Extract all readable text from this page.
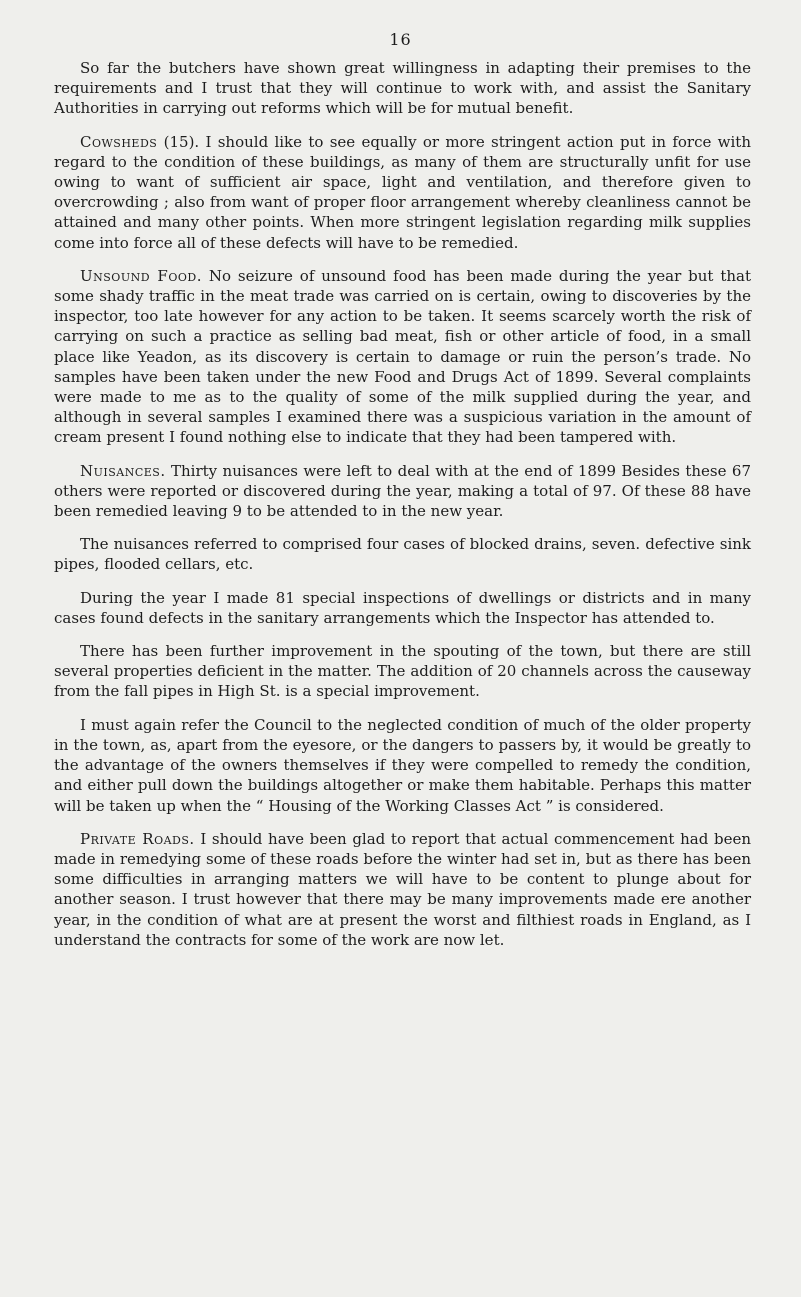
16

So far the butchers have shown great willingness in adapting their premises to the requirements and I trust that they will continue to work with, and assist the Sanitary Authorities in carrying out reforms which will be for mutual benefit.

Cowsheds (15). I should like to see equally or more stringent action put in force with regard to the condition of these buildings, as many of them are structurally unfit for use owing to want of sufficient air space, light and ventilation, and therefore given to overcrowding ; also from want of proper floor arrangement whereby cleanliness cannot be attained and many other points. When more stringent legislation regarding milk supplies come into force all of these defects will have to be remedied.

Unsound Food. No seizure of unsound food has been made during the year but that some shady traffic in the meat trade was carried on is certain, owing to discoveries by the inspector, too late however for any action to be taken. It seems scarcely worth the risk of carrying on such a practice as selling bad meat, fish or other article of food, in a small place like Yeadon, as its discovery is certain to damage or ruin the person’s trade. No samples have been taken under the new Food and Drugs Act of 1899. Several complaints were made to me as to the quality of some of the milk supplied during the year, and although in several samples I examined there was a suspicious variation in the amount of cream present I found nothing else to indicate that they had been tampered with.

Nuisances. Thirty nuisances were left to deal with at the end of 1899 Besides these 67 others were reported or discovered during the year, making a total of 97. Of these 88 have been remedied leaving 9 to be attended to in the new year.

The nuisances referred to comprised four cases of blocked drains, seven. defective sink pipes, flooded cellars, etc.

During the year I made 81 special inspections of dwellings or districts and in many cases found defects in the sanitary arrangements which the Inspector has attended to.

There has been further improvement in the spouting of the town, but there are still several properties deficient in the matter. The addition of 20 channels across the causeway from the fall pipes in High St. is a special improvement.

I must again refer the Council to the neglected condition of much of the older property in the town, as, apart from the eyesore, or the dangers to passers by, it would be greatly to the advantage of the owners themselves if they were compelled to remedy the condition, and either pull down the buildings altogether or make them habitable. Perhaps this matter will be taken up when the “ Housing of the Working Classes Act ” is considered.

Private Roads. I should have been glad to report that actual commencement had been made in remedying some of these roads before the winter had set in, but as there has been some difficulties in arranging matters we will have to be content to plunge about for another season. I trust however that there may be many improvements made ere another year, in the condition of what are at present the worst and filthiest roads in England, as I understand the contracts for some of the work are now let.
